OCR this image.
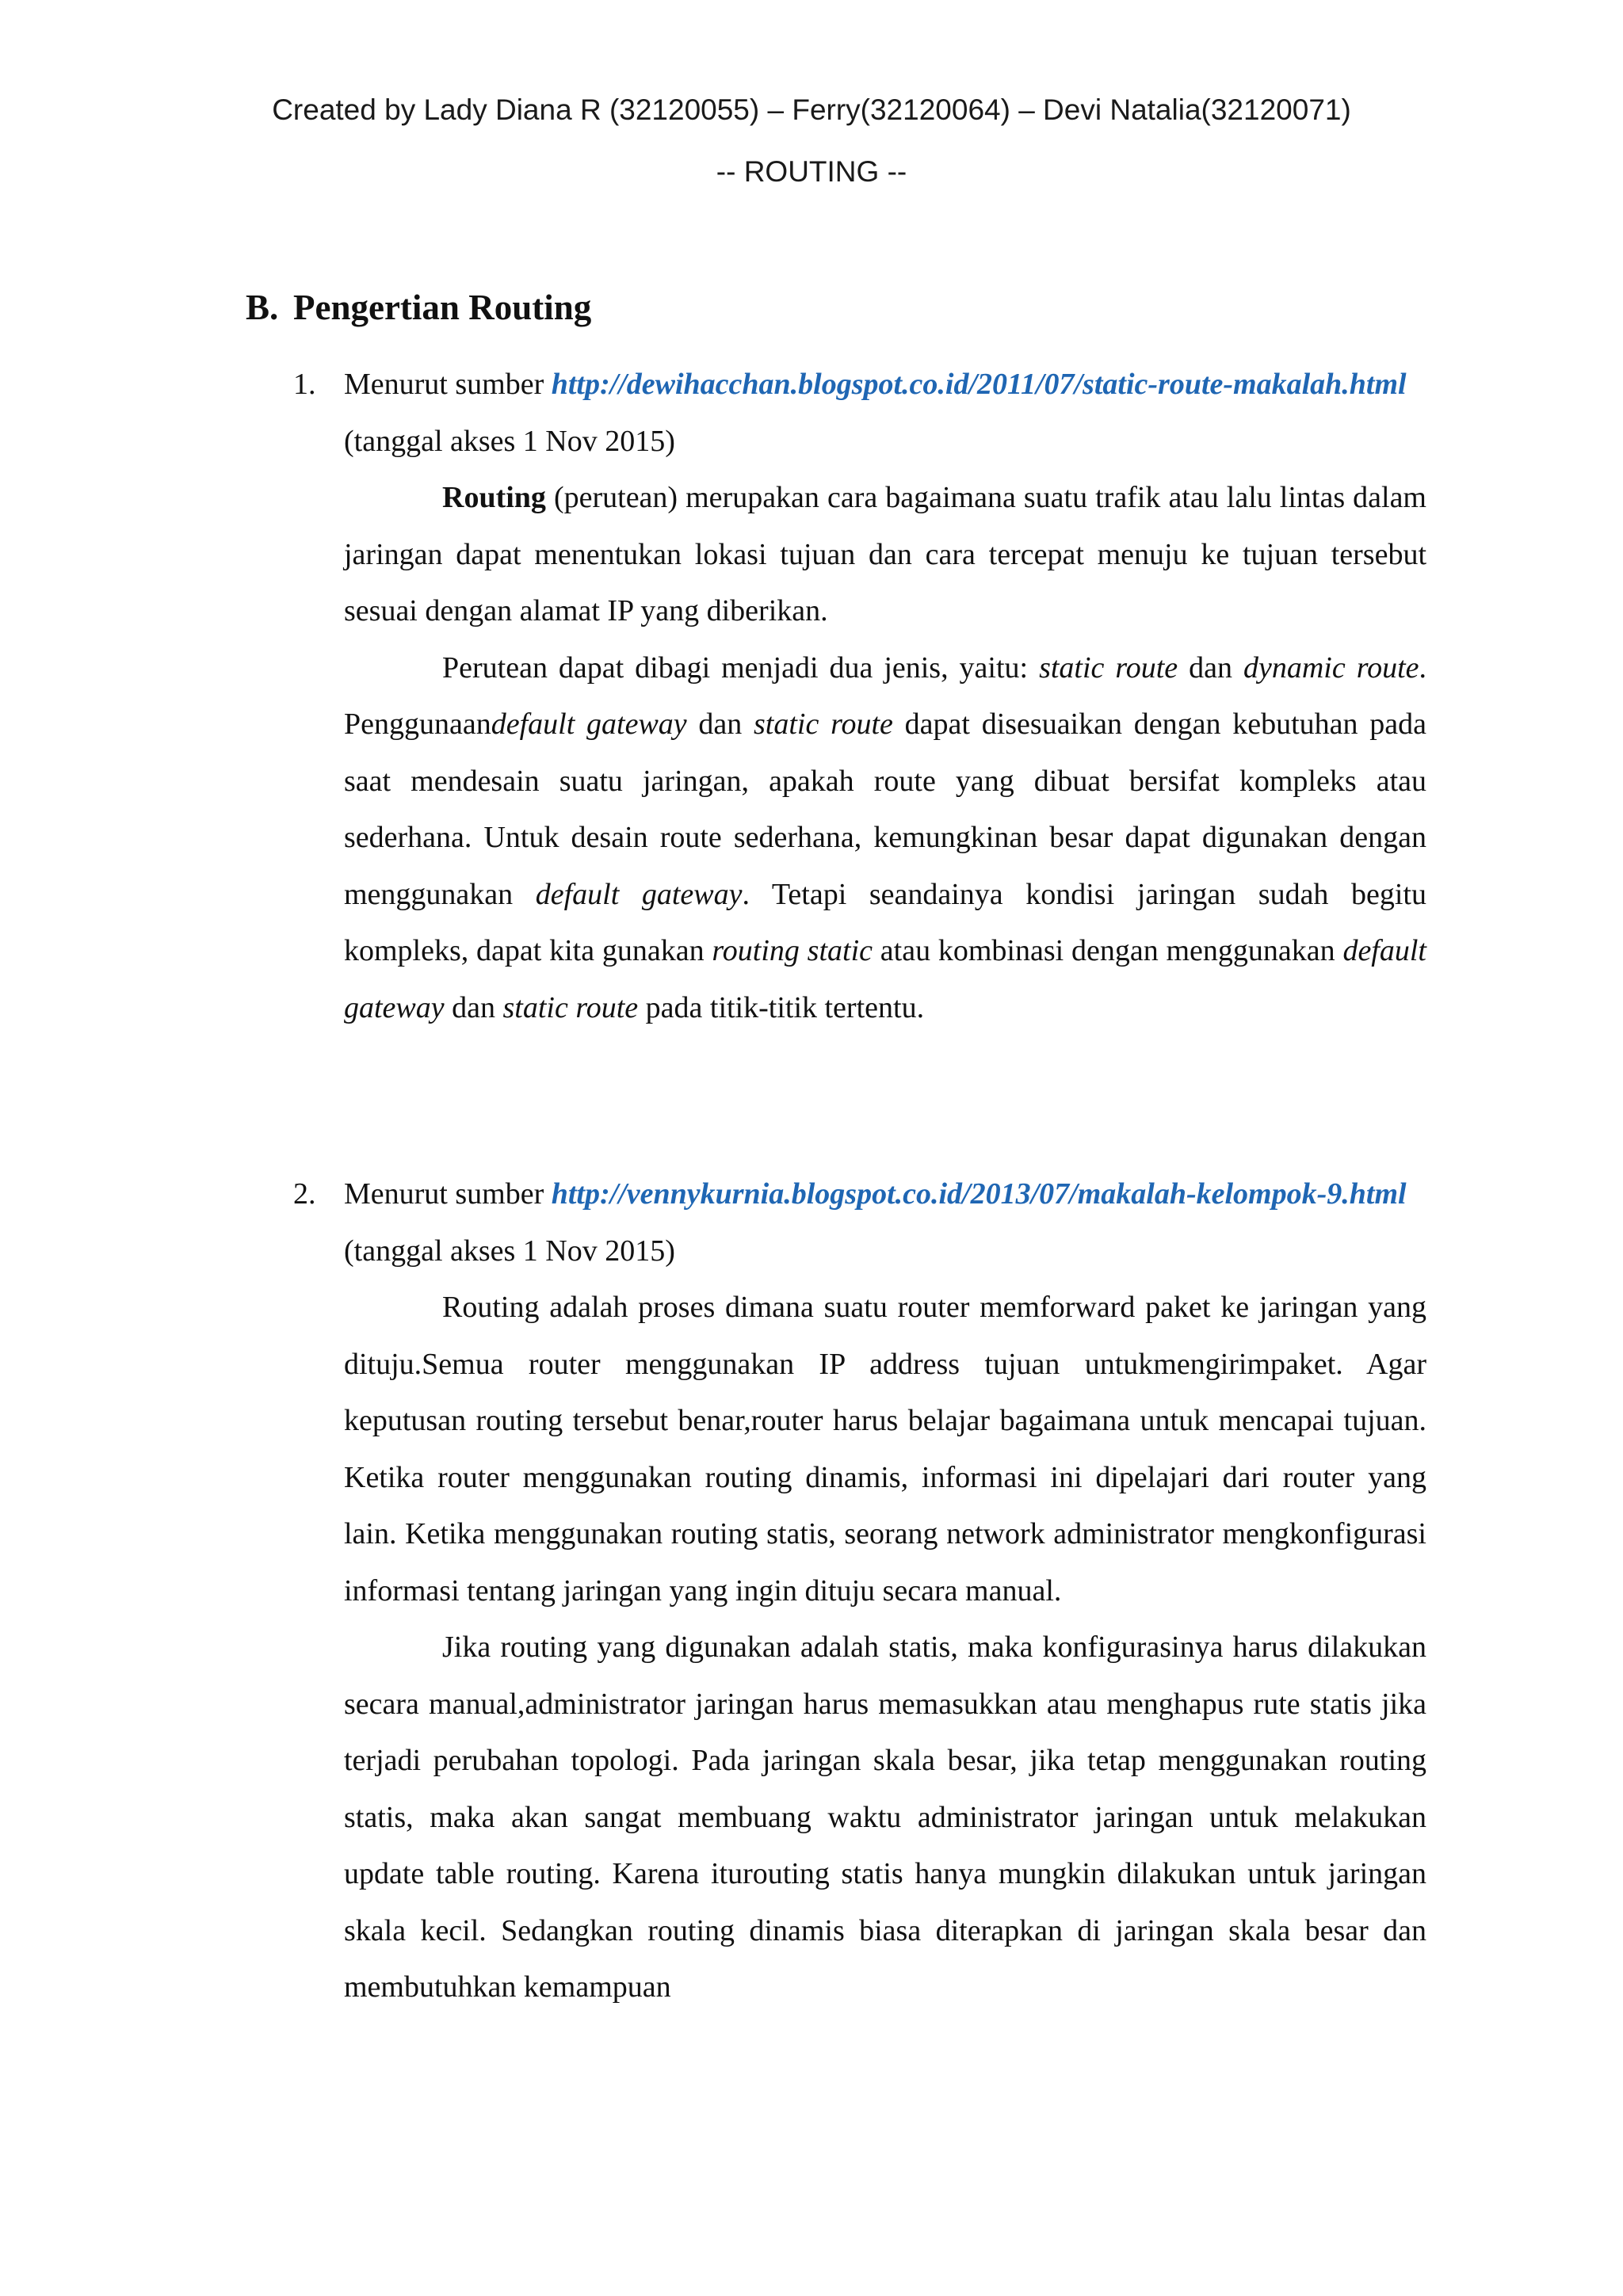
Created by Lady Diana R (32120055) – Ferry(32120064) – Devi Natalia(32120071)
-- ROUTING --
B. Pengertian Routing
1. Menurut sumber http://dewihacchan.blogspot.co.id/2011/07/static-route-makalah.html (tanggal akses 1 Nov 2015)

Routing (perutean) merupakan cara bagaimana suatu trafik atau lalu lintas dalam jaringan dapat menentukan lokasi tujuan dan cara tercepat menuju ke tujuan tersebut sesuai dengan alamat IP yang diberikan.

Perutean dapat dibagi menjadi dua jenis, yaitu: static route dan dynamic route. Penggunaandefault gateway dan static route dapat disesuaikan dengan kebutuhan pada saat mendesain suatu jaringan, apakah route yang dibuat bersifat kompleks atau sederhana. Untuk desain route sederhana, kemungkinan besar dapat digunakan dengan menggunakan default gateway. Tetapi seandainya kondisi jaringan sudah begitu kompleks, dapat kita gunakan routing static atau kombinasi dengan menggunakan default gateway dan static route pada titik-titik tertentu.

2. Menurut sumber http://vennykurnia.blogspot.co.id/2013/07/makalah-kelompok-9.html (tanggal akses 1 Nov 2015)

Routing adalah proses dimana suatu router memforward paket ke jaringan yang dituju.Semua router menggunakan IP address tujuan untukmengirimpaket. Agar keputusan routing tersebut benar,router harus belajar bagaimana untuk mencapai tujuan. Ketika router menggunakan routing dinamis, informasi ini dipelajari dari router yang lain. Ketika menggunakan routing statis, seorang network administrator mengkonfigurasi informasi tentang jaringan yang ingin dituju secara manual.

Jika routing yang digunakan adalah statis, maka konfigurasinya harus dilakukan secara manual,administrator jaringan harus memasukkan atau menghapus rute statis jika terjadi perubahan topologi. Pada jaringan skala besar, jika tetap menggunakan routing statis, maka akan sangat membuang waktu administrator jaringan untuk melakukan update table routing. Karena iturouting statis hanya mungkin dilakukan untuk jaringan skala kecil. Sedangkan routing dinamis biasa diterapkan di jaringan skala besar dan membutuhkan kemampuan
